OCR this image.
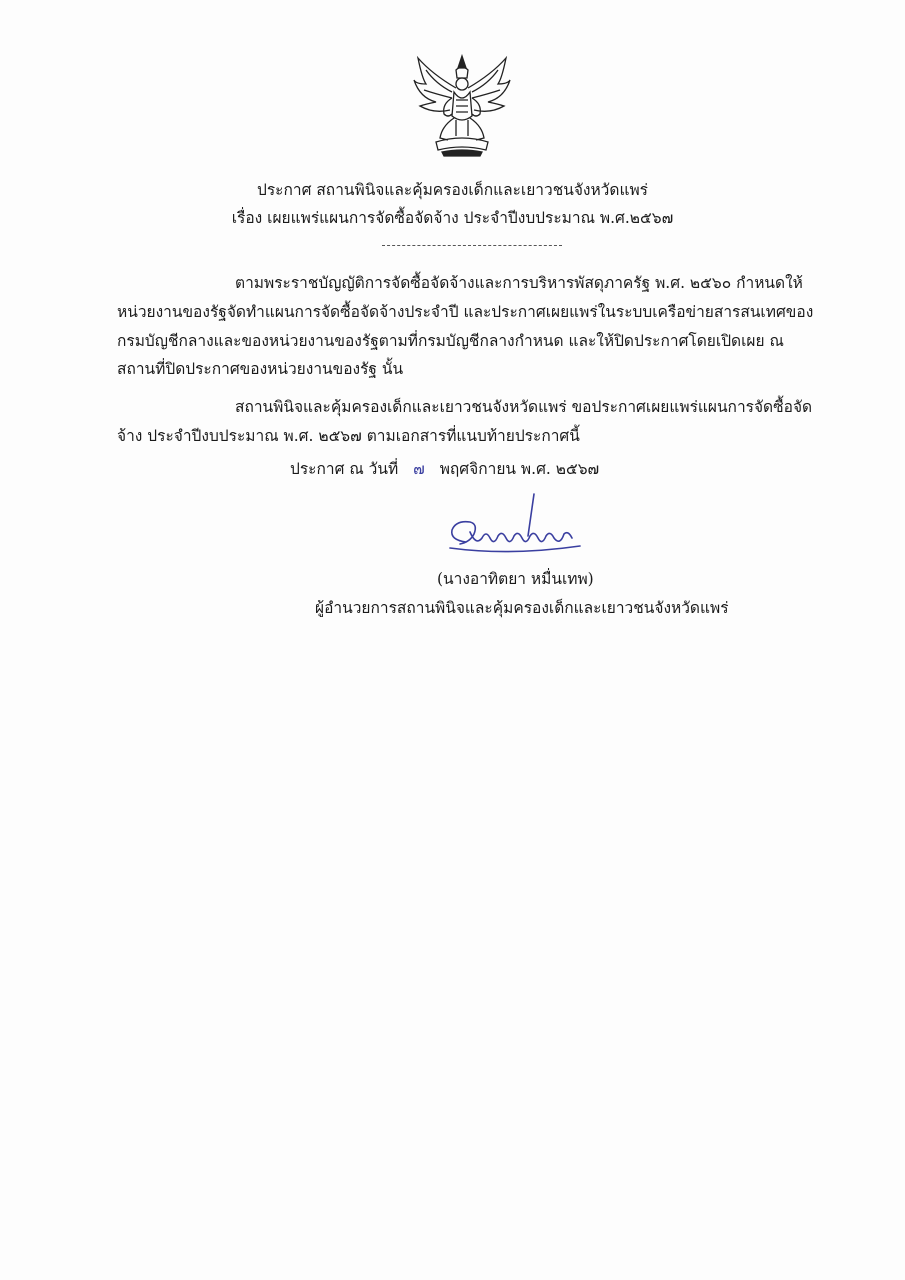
ประกาศ สถานพินิจและคุ้มครองเด็กและเยาวชนจังหวัดแพร่
เรื่อง เผยแพร่แผนการจัดซื้อจัดจ้าง ประจำปีงบประมาณ พ.ศ.๒๕๖๗
ตามพระราชบัญญัติการจัดซื้อจัดจ้างและการบริหารพัสดุภาครัฐ พ.ศ. ๒๕๖๐ กำหนดให้
หน่วยงานของรัฐจัดทำแผนการจัดซื้อจัดจ้างประจำปี และประกาศเผยแพร่ในระบบเครือข่ายสารสนเทศของ
กรมบัญชีกลางและของหน่วยงานของรัฐตามที่กรมบัญชีกลางกำหนด และให้ปิดประกาศโดยเปิดเผย ณ
สถานที่ปิดประกาศของหน่วยงานของรัฐ นั้น
สถานพินิจและคุ้มครองเด็กและเยาวชนจังหวัดแพร่ ขอประกาศเผยแพร่แผนการจัดซื้อจัด
จ้าง ประจำปีงบประมาณ พ.ศ. ๒๕๖๗ ตามเอกสารที่แนบท้ายประกาศนี้
ประกาศ ณ วันที่ ๗ พฤศจิกายน พ.ศ. ๒๕๖๗
(นางอาทิตยา หมื่นเทพ)
ผู้อำนวยการสถานพินิจและคุ้มครองเด็กและเยาวชนจังหวัดแพร่
